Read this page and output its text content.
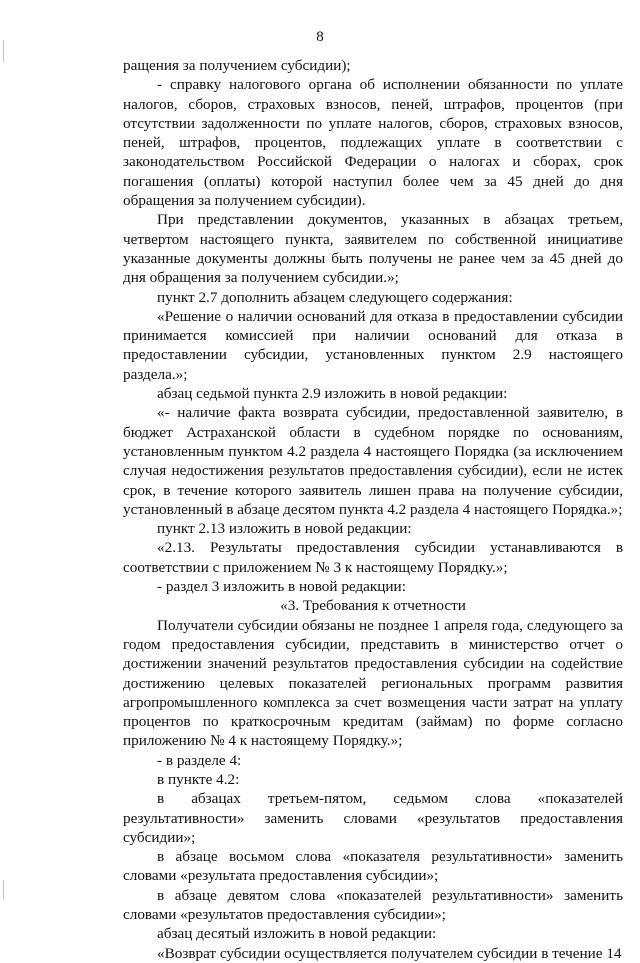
8

ращения за получением субсидии);

- справку налогового органа об исполнении обязанности по уплате налогов, сборов, страховых взносов, пеней, штрафов, процентов (при отсутствии задолженности по уплате налогов, сборов, страховых взносов, пеней, штрафов, процентов, подлежащих уплате в соответствии с законодательством Российской Федерации о налогах и сборах, срок погашения (оплаты) которой наступил более чем за 45 дней до дня обращения за получением субсидии).

При представлении документов, указанных в абзацах третьем, четвертом настоящего пункта, заявителем по собственной инициативе указанные документы должны быть получены не ранее чем за 45 дней до дня обращения за получением субсидии.»;

пункт 2.7 дополнить абзацем следующего содержания:

«Решение о наличии оснований для отказа в предоставлении субсидии принимается комиссией при наличии оснований для отказа в предоставлении субсидии, установленных пунктом 2.9 настоящего раздела.»;

абзац седьмой пункта 2.9 изложить в новой редакции:

«- наличие факта возврата субсидии, предоставленной заявителю, в бюджет Астраханской области в судебном порядке по основаниям, установленным пунктом 4.2 раздела 4 настоящего Порядка (за исключением случая недостижения результатов предоставления субсидии), если не истек срок, в течение которого заявитель лишен права на получение субсидии, установленный в абзаце десятом пункта 4.2 раздела 4 настоящего Порядка.»;

пункт 2.13 изложить в новой редакции:

«2.13. Результаты предоставления субсидии устанавливаются в соответствии с приложением № 3 к настоящему Порядку.»;

- раздел 3 изложить в новой редакции:

«3. Требования к отчетности

Получатели субсидии обязаны не позднее 1 апреля года, следующего за годом предоставления субсидии, представить в министерство отчет о достижении значений результатов предоставления субсидии на содействие достижению целевых показателей региональных программ развития агропромышленного комплекса за счет возмещения части затрат на уплату процентов по краткосрочным кредитам (займам) по форме согласно приложению № 4 к настоящему Порядку.»;

- в разделе 4:

в пункте 4.2:

в абзацах третьем-пятом, седьмом слова «показателей результативности» заменить словами «результатов предоставления субсидии»;

в абзаце восьмом слова «показателя результативности» заменить словами «результата предоставления субсидии»;

в абзаце девятом слова «показателей результативности» заменить словами «результатов предоставления субсидии»;

абзац десятый изложить в новой редакции:

«Возврат субсидии осуществляется получателем субсидии в течение 14
